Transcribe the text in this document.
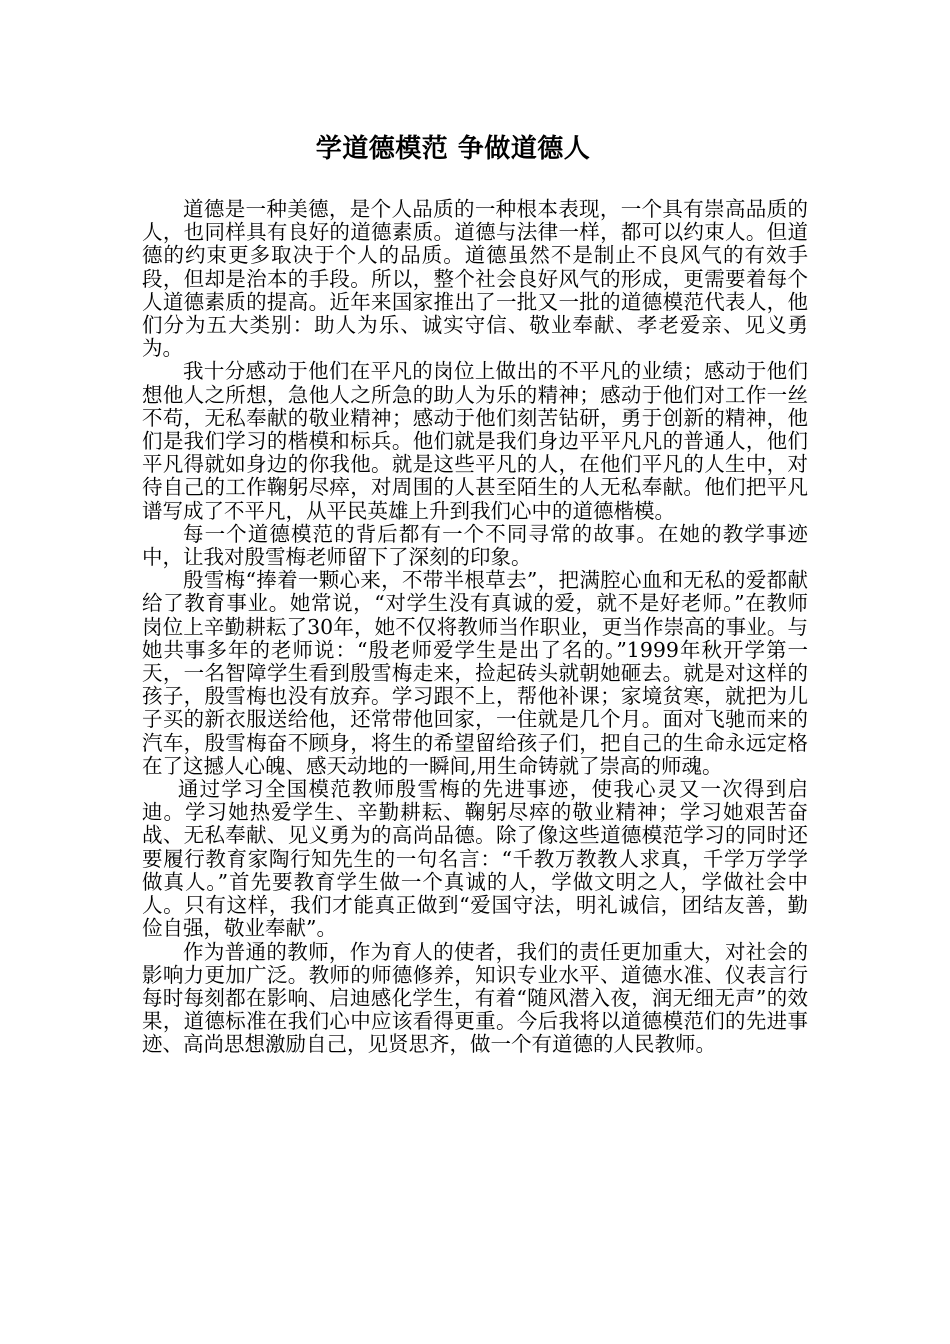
学道德模范 争做道德人

道德是一种美德，是个人品质的一种根本表现，一个具有崇高品质的人，也同样具有良好的道德素质。道德与法律一样，都可以约束人。但道德的约束更多取决于个人的品质。道德虽然不是制止不良风气的有效手段，但却是治本的手段。所以，整个社会良好风气的形成，更需要着每个人道德素质的提高。近年来国家推出了一批又一批的道德模范代表人，他们分为五大类别：助人为乐、诚实守信、敬业奉献、孝老爱亲、见义勇为。

我十分感动于他们在平凡的岗位上做出的不平凡的业绩；感动于他们想他人之所想，急他人之所急的助人为乐的精神；感动于他们对工作一丝不苟，无私奉献的敬业精神；感动于他们刻苦钻研，勇于创新的精神，他们是我们学习的楷模和标兵。他们就是我们身边平平凡凡的普通人，他们平凡得就如身边的你我他。就是这些平凡的人，在他们平凡的人生中，对待自己的工作鞠躬尽瘁，对周围的人甚至陌生的人无私奉献。他们把平凡谱写成了不平凡，从平民英雄上升到我们心中的道德楷模。

每一个道德模范的背后都有一个不同寻常的故事。在她的教学事迹中，让我对殷雪梅老师留下了深刻的印象。

殷雪梅“捧着一颗心来，不带半根草去”，把满腔心血和无私的爱都献给了教育事业。她常说，“对学生没有真诚的爱，就不是好老师。”在教师岗位上辛勤耕耘了30年，她不仅将教师当作职业，更当作崇高的事业。与她共事多年的老师说：“殷老师爱学生是出了名的。”1999年秋开学第一天，一名智障学生看到殷雪梅走来，捡起砖头就朝她砸去。就是对这样的孩子，殷雪梅也没有放弃。学习跟不上，帮他补课；家境贫寒，就把为儿子买的新衣服送给他，还常带他回家，一住就是几个月。面对飞驰而来的汽车，殷雪梅奋不顾身，将生的希望留给孩子们，把自己的生命永远定格在了这撼人心魄、感天动地的一瞬间,用生命铸就了崇高的师魂。

通过学习全国模范教师殷雪梅的先进事迹，使我心灵又一次得到启迪。学习她热爱学生、辛勤耕耘、鞠躬尽瘁的敬业精神；学习她艰苦奋战、无私奉献、见义勇为的高尚品德。除了像这些道德模范学习的同时还要履行教育家陶行知先生的一句名言：“千教万教教人求真，千学万学学做真人。”首先要教育学生做一个真诚的人，学做文明之人，学做社会中人。只有这样，我们才能真正做到“爱国守法，明礼诚信，团结友善，勤俭自强，敬业奉献”。

作为普通的教师，作为育人的使者，我们的责任更加重大，对社会的影响力更加广泛。教师的师德修养，知识专业水平、道德水准、仪表言行每时每刻都在影响、启迪感化学生，有着“随风潜入夜，润无细无声”的效果，道德标准在我们心中应该看得更重。今后我将以道德模范们的先进事迹、高尚思想激励自己，见贤思齐，做一个有道德的人民教师。
